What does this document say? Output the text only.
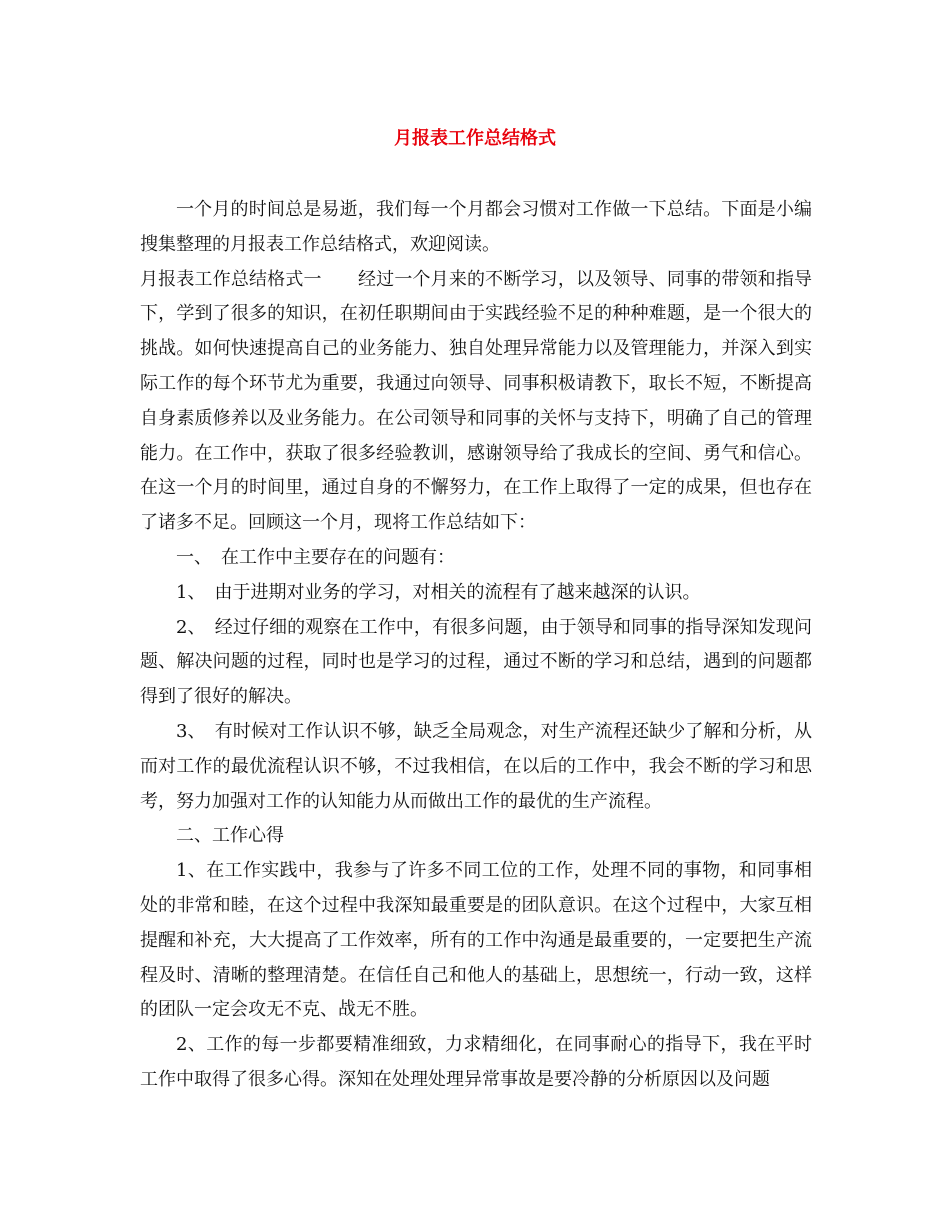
月报表工作总结格式

一个月的时间总是易逝，我们每一个月都会习惯对工作做一下总结。下面是小编搜集整理的月报表工作总结格式，欢迎阅读。

月报表工作总结格式一　　经过一个月来的不断学习，以及领导、同事的带领和指导下，学到了很多的知识，在初任职期间由于实践经验不足的种种难题，是一个很大的挑战。如何快速提高自己的业务能力、独自处理异常能力以及管理能力，并深入到实际工作的每个环节尤为重要，我通过向领导、同事积极请教下，取长不短，不断提高自身素质修养以及业务能力。在公司领导和同事的关怀与支持下，明确了自己的管理能力。在工作中，获取了很多经验教训，感谢领导给了我成长的空间、勇气和信心。在这一个月的时间里，通过自身的不懈努力，在工作上取得了一定的成果，但也存在了诸多不足。回顾这一个月，现将工作总结如下：

一、　在工作中主要存在的问题有：

1、　由于进期对业务的学习，对相关的流程有了越来越深的认识。

2、　经过仔细的观察在工作中，有很多问题，由于领导和同事的指导深知发现问题、解决问题的过程，同时也是学习的过程，通过不断的学习和总结，遇到的问题都得到了很好的解决。

3、　有时候对工作认识不够，缺乏全局观念，对生产流程还缺少了解和分析，从而对工作的最优流程认识不够，不过我相信，在以后的工作中，我会不断的学习和思考，努力加强对工作的认知能力从而做出工作的最优的生产流程。

二、工作心得

1、在工作实践中，我参与了许多不同工位的工作，处理不同的事物，和同事相处的非常和睦，在这个过程中我深知最重要是的团队意识。在这个过程中，大家互相提醒和补充，大大提高了工作效率，所有的工作中沟通是最重要的，一定要把生产流程及时、清晰的整理清楚。在信任自己和他人的基础上，思想统一，行动一致，这样的团队一定会攻无不克、战无不胜。

2、工作的每一步都要精准细致，力求精细化，在同事耐心的指导下，我在平时工作中取得了很多心得。深知在处理处理异常事故是要冷静的分析原因以及问题
